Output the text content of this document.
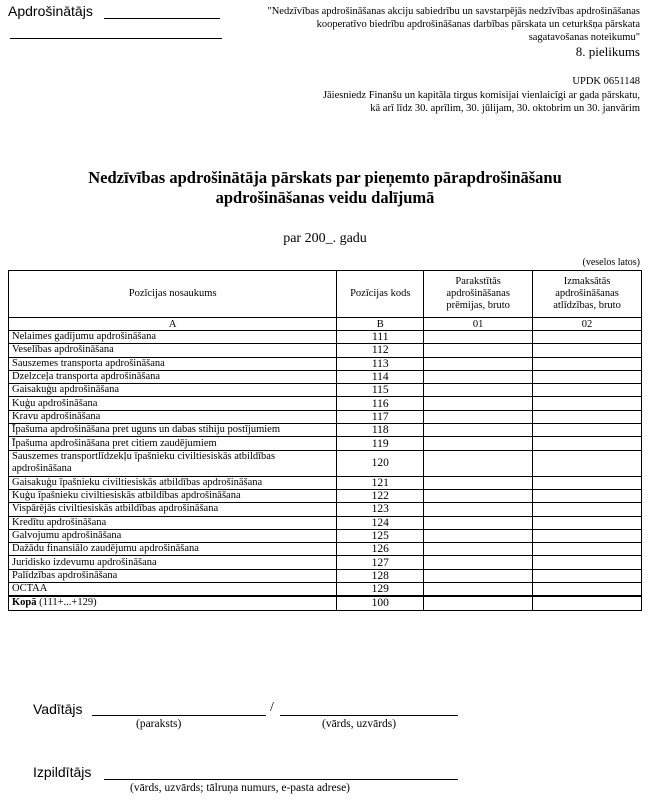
Apdrošinātājs	"Nedzīvības apdrošināšanas akciju sabiedrību un savstarpējās nedzīvības apdrošināšanas kooperatīvo biedrību apdrošināšanas darbības pārskata un ceturkšņa pārskata sagatavošanas noteikumu"
8. pielikums
UPDK 0651148
Jāiesniedz Finanšu un kapitāla tirgus komisijai vienlaicīgi ar gada pārskatu,
kā arī līdz 30. aprīlim, 30. jūlijam, 30. oktobrim un 30. janvārim
Nedzīvības apdrošinātāja pārskats par pieņemto pārapdrošināšanu
apdrošināšanas veidu dalījumā
par 200_. gadu
(veselos latos)
Pozīcijas nosaukums	Pozīcijas kods	Parakstītās apdrošināšanas prēmijas, bruto	Izmaksātās apdrošināšanas atlīdzības, bruto
A	B	01	02
Nelaimes gadījumu apdrošināšana	111		
Veselības apdrošināšana	112		
Sauszemes transporta apdrošināšana	113		
Dzelzceļa transporta apdrošināšana	114		
Gaisakuģu apdrošināšana	115		
Kuģu apdrošināšana	116		
Kravu apdrošināšana	117		
Īpašuma apdrošināšana pret uguns un dabas stihiju postījumiem	118		
Īpašuma apdrošināšana pret citiem zaudējumiem	119		
Sauszemes transportlīdzekļu īpašnieku civiltiesiskās atbildības apdrošināšana	120		
Gaisakuģu īpašnieku civiltiesiskās atbildības apdrošināšana	121		
Kuģu īpašnieku civiltiesiskās atbildības apdrošināšana	122		
Vispārējās civiltiesiskās atbildības apdrošināšana	123		
Kredītu apdrošināšana	124		
Galvojumu apdrošināšana	125		
Dažādu finansiālo zaudējumu apdrošināšana	126		
Juridisko izdevumu apdrošināšana	127		
Palīdzības apdrošināšana	128		
OCTAA	129		
Kopā (111+...+129)	100		
Vadītājs	/
(paraksts)	(vārds, uzvārds)
Izpildītājs
(vārds, uzvārds; tālruņa numurs, e-pasta adrese)
